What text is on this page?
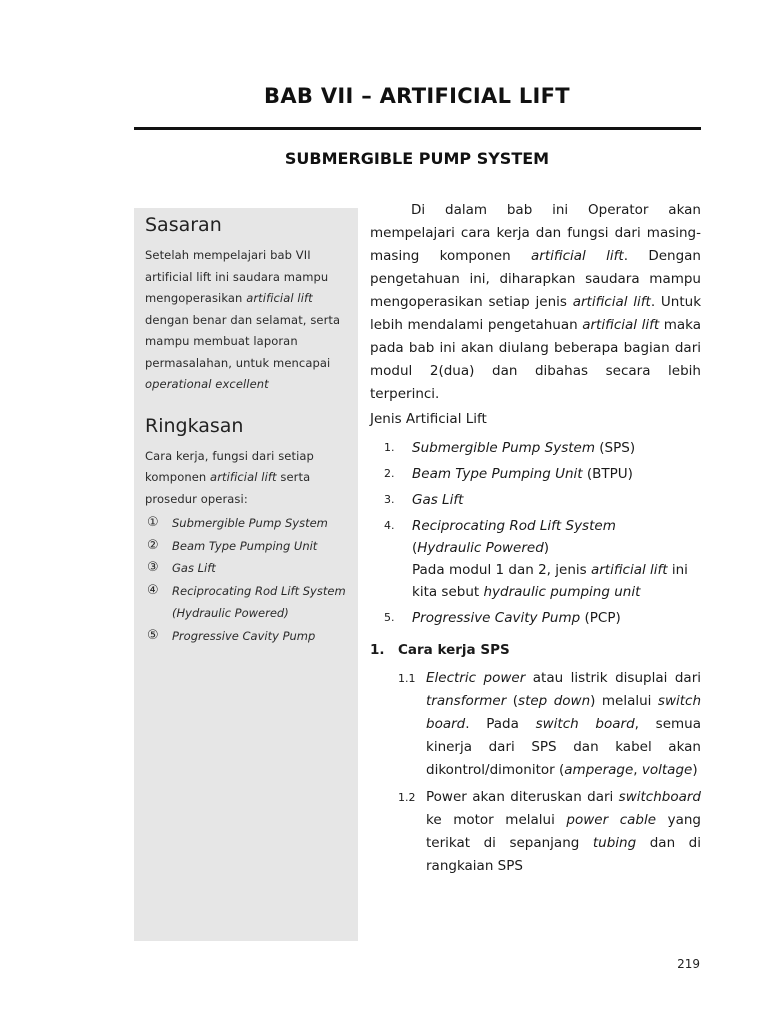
BAB VII – ARTIFICIAL LIFT
SUBMERGIBLE PUMP SYSTEM
Sasaran
Setelah mempelajari bab VII artificial lift ini saudara mampu mengoperasikan artificial lift dengan benar dan selamat, serta mampu membuat laporan permasalahan, untuk mencapai operational excellent
Ringkasan
Cara kerja, fungsi dari setiap komponen artificial lift serta prosedur operasi:
①	Submergible Pump System
②	Beam Type Pumping Unit
③	Gas Lift
④	Reciprocating Rod Lift System (Hydraulic Powered)
⑤	Progressive Cavity Pump

Di dalam bab ini Operator akan mempelajari cara kerja dan fungsi dari masing-masing komponen artificial lift. Dengan pengetahuan ini, diharapkan saudara mampu mengoperasikan setiap jenis artificial lift. Untuk lebih mendalami pengetahuan artificial lift maka pada bab ini akan diulang beberapa bagian dari modul 2(dua) dan dibahas secara lebih terperinci.

Jenis Artificial Lift
1.	Submergible Pump System (SPS)
2.	Beam Type Pumping Unit (BTPU)
3.	Gas Lift
4.	Reciprocating Rod Lift System
(Hydraulic Powered)
Pada modul 1 dan 2, jenis artificial lift ini kita sebut hydraulic pumping unit
5.	Progressive Cavity Pump (PCP)
1. Cara kerja SPS
1.1 Electric power atau listrik disuplai dari transformer (step down) melalui switch board. Pada switch board, semua kinerja dari SPS dan kabel akan dikontrol/dimonitor (amperage, voltage)
1.2 Power akan diteruskan dari switchboard ke motor melalui power cable yang terikat di sepanjang tubing dan di rangkaian SPS
219
